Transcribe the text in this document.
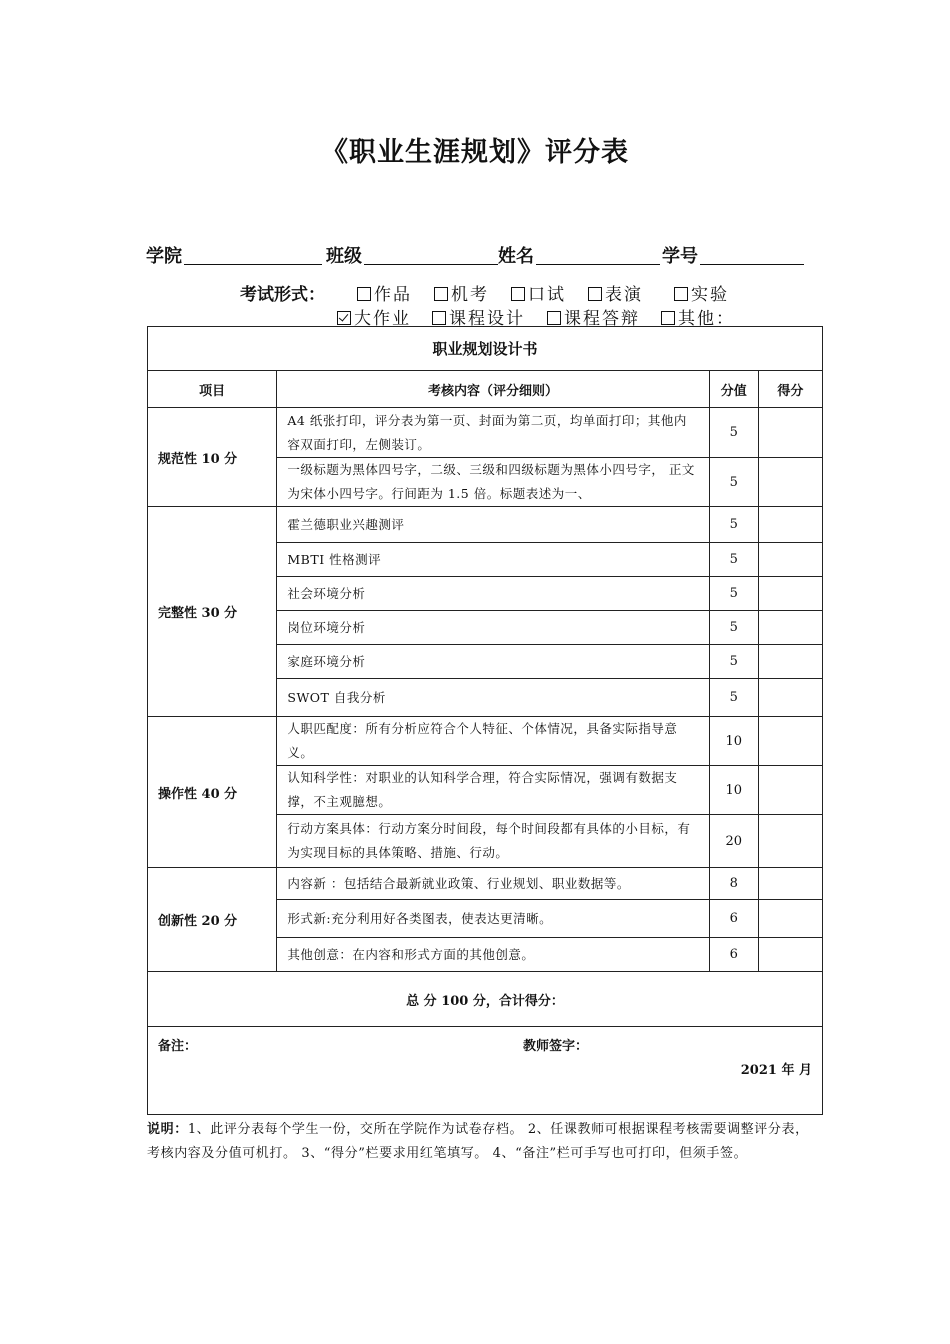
《职业生涯规划》评分表
学院	班级	姓名	学号
考试形式：	作品	机考	口试	表演	实验
大作业	课程设计	课程答辩	其他：
职业规划设计书			
项目	考核内容（评分细则）	分值	得分
规范性 10 分	A4 纸张打印，评分表为第一页、封面为第二页，均单面打印；其他内容双面打印，左侧装订。	5	

	一级标题为黑体四号字，二级、三级和四级标题为黑体小四号字， 正文为宋体小四号字。行间距为 1.5 倍。标题表述为一、	5	
完整性 30 分	霍兰德职业兴趣测评	5	
	MBTI 性格测评	5	
	社会环境分析	5	
	岗位环境分析	5	
	家庭环境分析	5	
	SWOT 自我分析	5	
操作性 40 分	人职匹配度：所有分析应符合个人特征、个体情况，具备实际指导意义。	10	
	认知科学性：对职业的认知科学合理，符合实际情况，强调有数据支撑，不主观臆想。	10	
	行动方案具体：行动方案分时间段，每个时间段都有具体的小目标，有为实现目标的具体策略、措施、行动。	20	
创新性 20 分	内容新 ：包括结合最新就业政策、行业规划、职业数据等。	8	
	形式新:充分利用好各类图表，使表达更清晰。	6	
	其他创意：在内容和形式方面的其他创意。	6	
总 分 100 分，合计得分：			

备注： 教师签字：
2021 年 月			
说明：1、此评分表每个学生一份，交所在学院作为试卷存档。 2、任课教师可根据课程考核需要调整评分表，考核内容及分值可机打。 3、“得分”栏要求用红笔填写。 4、“备注”栏可手写也可打印，但须手签。
